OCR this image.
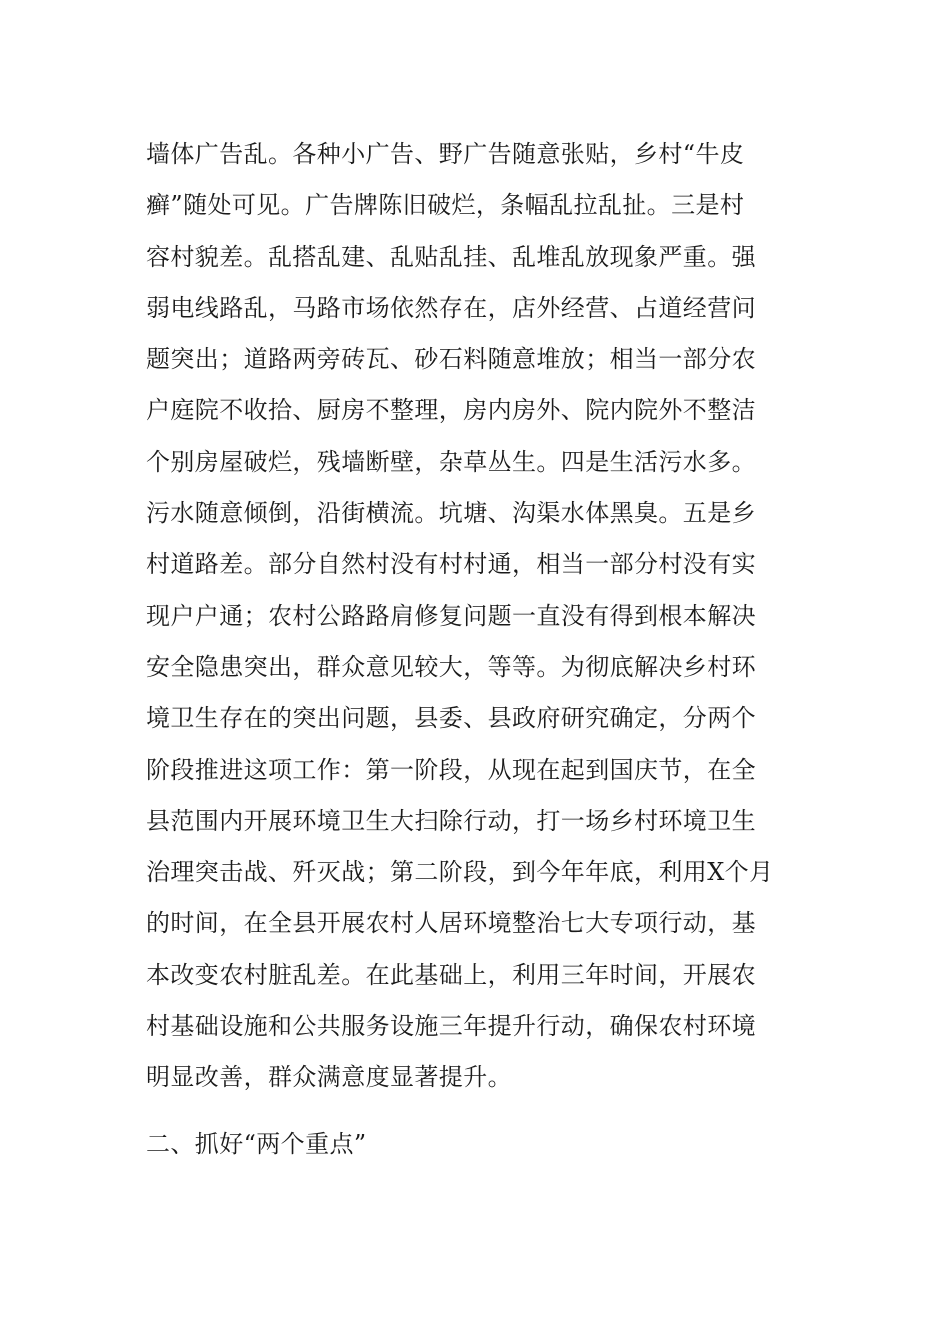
墙体广告乱。各种小广告、野广告随意张贴，乡村“牛皮
癣”随处可见。广告牌陈旧破烂，条幅乱拉乱扯。三是村
容村貌差。乱搭乱建、乱贴乱挂、乱堆乱放现象严重。强
弱电线路乱，马路市场依然存在，店外经营、占道经营问
题突出；道路两旁砖瓦、砂石料随意堆放；相当一部分农
户庭院不收拾、厨房不整理，房内房外、院内院外不整洁
个别房屋破烂，残墙断壁，杂草丛生。四是生活污水多。
污水随意倾倒，沿街横流。坑塘、沟渠水体黑臭。五是乡
村道路差。部分自然村没有村村通，相当一部分村没有实
现户户通；农村公路路肩修复问题一直没有得到根本解决
安全隐患突出，群众意见较大，等等。为彻底解决乡村环
境卫生存在的突出问题，县委、县政府研究确定，分两个
阶段推进这项工作：第一阶段，从现在起到国庆节，在全
县范围内开展环境卫生大扫除行动，打一场乡村环境卫生
治理突击战、歼灭战；第二阶段，到今年年底，利用X个月
的时间，在全县开展农村人居环境整治七大专项行动，基
本改变农村脏乱差。在此基础上，利用三年时间，开展农
村基础设施和公共服务设施三年提升行动，确保农村环境
明显改善，群众满意度显著提升。
二、抓好“两个重点”
